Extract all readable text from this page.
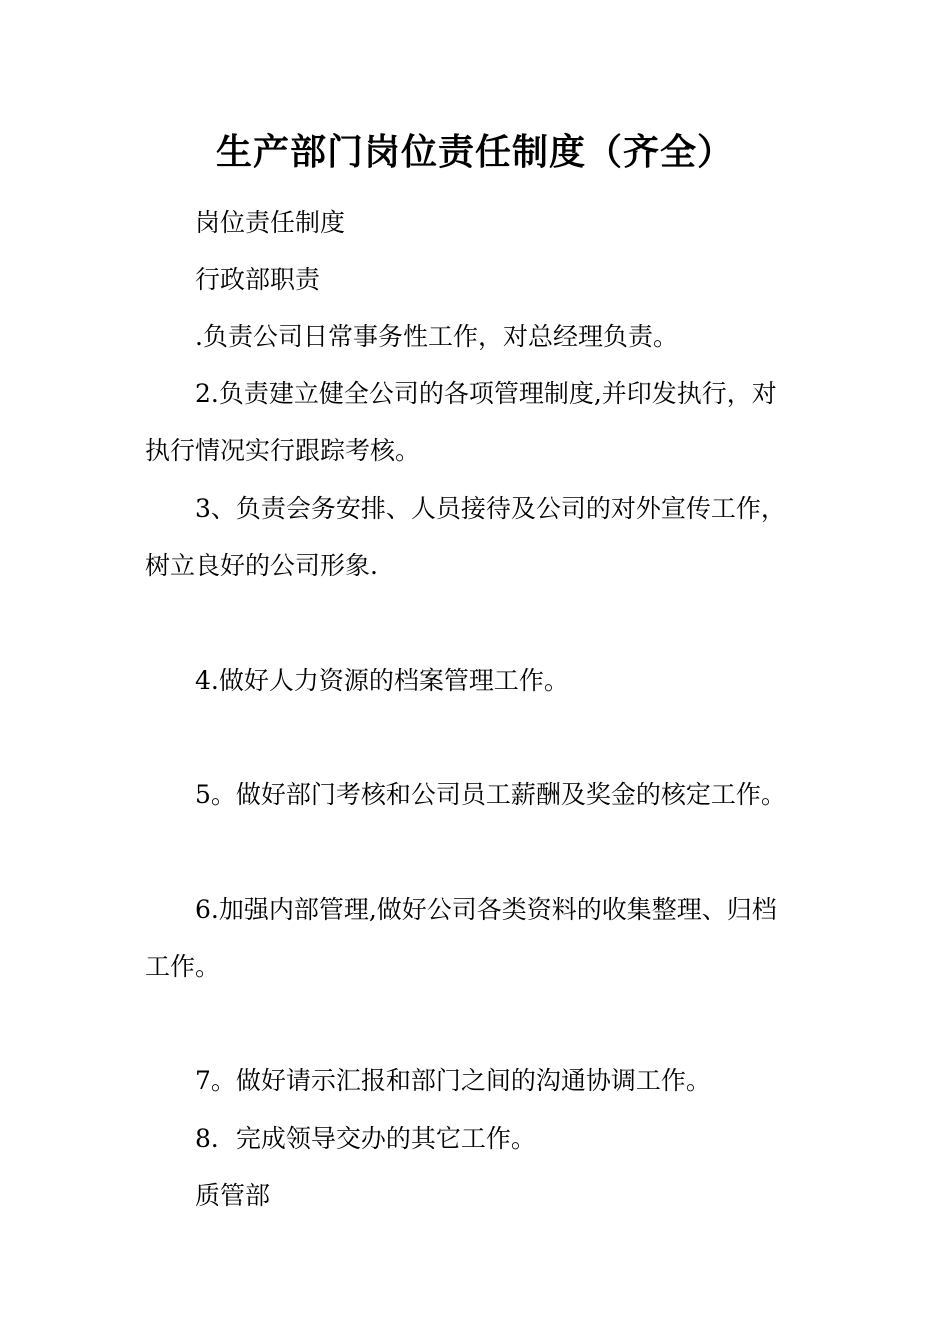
生产部门岗位责任制度（齐全）

岗位责任制度

行政部职责

.负责公司日常事务性工作，对总经理负责。

2.负责建立健全公司的各项管理制度,并印发执行，对

执行情况实行跟踪考核。

3、负责会务安排、人员接待及公司的对外宣传工作，

树立良好的公司形象.

4.做好人力资源的档案管理工作。

5。做好部门考核和公司员工薪酬及奖金的核定工作。

6.加强内部管理,做好公司各类资料的收集整理、归档

工作。

7。做好请示汇报和部门之间的沟通协调工作。

8．完成领导交办的其它工作。

质管部
